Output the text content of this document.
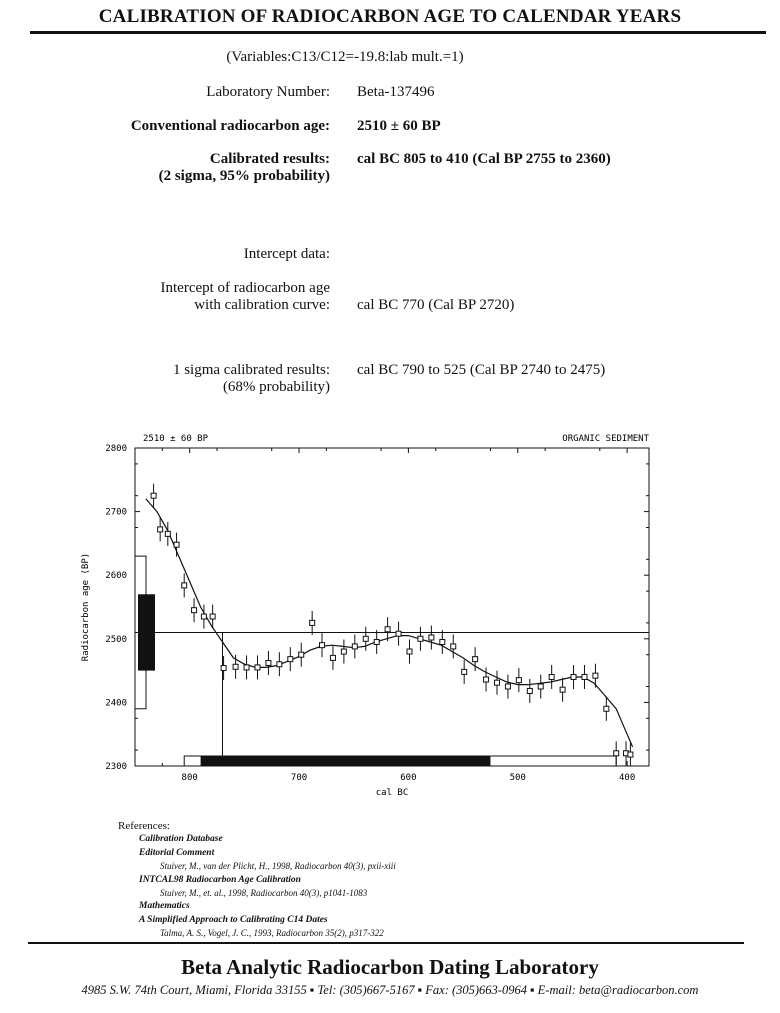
CALIBRATION OF RADIOCARBON AGE TO CALENDAR YEARS
(Variables:C13/C12=-19.8:lab mult.=1)
Laboratory Number: Beta-137496
Conventional radiocarbon age: 2510 ± 60 BP
Calibrated results:
(2 sigma, 95% probability)
cal BC 805 to 410 (Cal BP 2755 to 2360)
Intercept data:
Intercept of radiocarbon age
with calibration curve: cal BC 770 (Cal BP 2720)
1 sigma calibrated results:
(68% probability)
cal BC 790 to 525 (Cal BP 2740 to 2475)
2510 ± 60 BP	ORGANIC SEDIMENT
2800
2700
2600
2500
2400
2300
800	700	600	500	400
cal BC
Radiocarbon age (BP)
References:
Calibration Database
Editorial Comment
Stuiver, M., van der Plicht, H., 1998, Radiocarbon 40(3), pxii-xiii
INTCAL98 Radiocarbon Age Calibration
Stuiver, M., et. al., 1998, Radiocarbon 40(3), p1041-1083
Mathematics
A Simplified Approach to Calibrating C14 Dates
Talma, A. S., Vogel, J. C., 1993, Radiocarbon 35(2), p317-322
Beta Analytic Radiocarbon Dating Laboratory
4985 S.W. 74th Court, Miami, Florida 33155 ▪ Tel: (305)667-5167 ▪ Fax: (305)663-0964 ▪ E-mail: beta@radiocarbon.com
